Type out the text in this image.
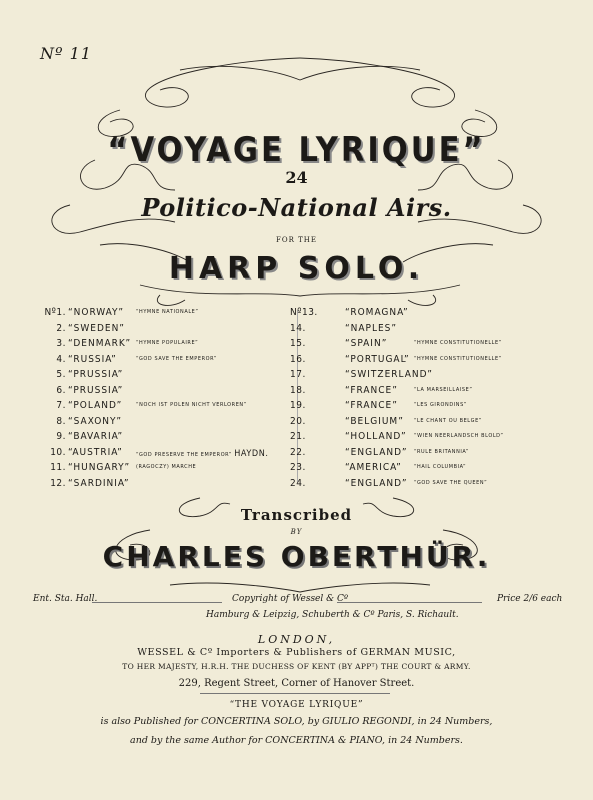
Nº 11
“VOYAGE LYRIQUE”
24
Politico-National Airs.
FOR THE
HARP SOLO.
Nº1. “NORWAY” “HYMNE NATIONALE”
2. “SWEDEN”
3. “DENMARK” “HYMNE POPULAIRE”
4. “RUSSIA”	“GOD SAVE THE EMPEROR”
5. “PRUSSIA”
6. “PRUSSIA”
7. “POLAND” “NOCH IST POLEN NICHT VERLOREN”
8. “SAXONY”
9. “BAVARIA”
10. “AUSTRIA” “GOD PRESERVE THE EMPEROR” HAYDN.
11. “HUNGARY” (RAGOCZY) MARCHE
12. “SARDINIA”
Nº13.	“ROMAGNA”
14.	“NAPLES”
15.	“SPAIN”	“HYMNE CONSTITUTIONELLE”
16.	“PORTUGAL” “HYMNE CONSTITUTIONELLE”
17.	“SWITZERLAND”
18.	“FRANCE”	“LA MARSEILLAISE”
19.	“FRANCE”	“LES GIRONDINS”
20.	“BELGIUM” “LE CHANT OU BELGE”
21.	“HOLLAND” “WIEN NEERLANDSCH BLOLD”
22.	“ENGLAND” “RULE BRITANNIA”
23.	“AMERICA” “HAIL COLUMBIA”
24.	“ENGLAND” “GOD SAVE THE QUEEN”
Transcribed
BY
CHARLES OBERTHÜR.
Ent. Sta. Hall.	Copyright of Wessel & Cº	Price 2/6 each
Hamburg & Leipzig, Schuberth & Cº Paris, S. Richault.
LONDON,
WESSEL & Cº Importers & Publishers of GERMAN MUSIC,
TO HER MAJESTY, H.R.H. THE DUCHESS OF KENT (BY APPᵀ) THE COURT & ARMY.
229, Regent Street, Corner of Hanover Street.
“THE VOYAGE LYRIQUE”
is also Published for CONCERTINA SOLO, by GIULIO REGONDI, in 24 Numbers,
and by the same Author for CONCERTINA & PIANO, in 24 Numbers.
